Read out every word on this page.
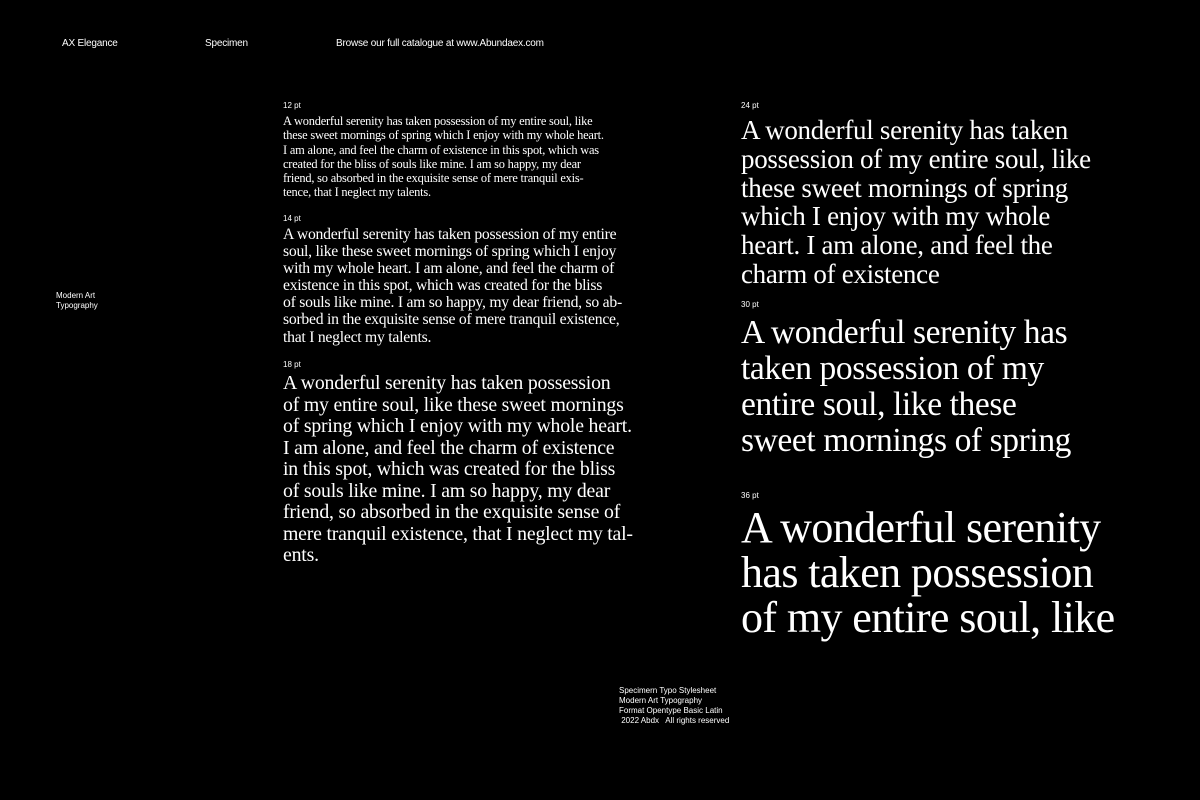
AX Elegance	Specimen	Browse our full catalogue at www.Abundaex.com
Modern Art
Typography
12 pt
A wonderful serenity has taken possession of my entire soul, like
these sweet mornings of spring which I enjoy with my whole heart.
I am alone, and feel the charm of existence in this spot, which was
created for the bliss of souls like mine. I am so happy, my dear
friend, so absorbed in the exquisite sense of mere tranquil exis-
tence, that I neglect my talents.
14 pt
A wonderful serenity has taken possession of my entire
soul, like these sweet mornings of spring which I enjoy
with my whole heart. I am alone, and feel the charm of
existence in this spot, which was created for the bliss
of souls like mine. I am so happy, my dear friend, so ab-
sorbed in the exquisite sense of mere tranquil existence,
that I neglect my talents.
18 pt
A wonderful serenity has taken possession
of my entire soul, like these sweet mornings
of spring which I enjoy with my whole heart.
I am alone, and feel the charm of existence
in this spot, which was created for the bliss
of souls like mine. I am so happy, my dear
friend, so absorbed in the exquisite sense of
mere tranquil existence, that I neglect my tal-
ents.
24 pt
A wonderful serenity has taken
possession of my entire soul, like
these sweet mornings of spring
which I enjoy with my whole
heart. I am alone, and feel the
charm of existence
30 pt
A wonderful serenity has
taken possession of my
entire soul, like these
sweet mornings of spring
36 pt
A wonderful serenity
has taken possession
of my entire soul, like
Specimern Typo Stylesheet
Modern Art Typography
Format Opentype Basic Latin
2022 Abdx   All rights reserved
